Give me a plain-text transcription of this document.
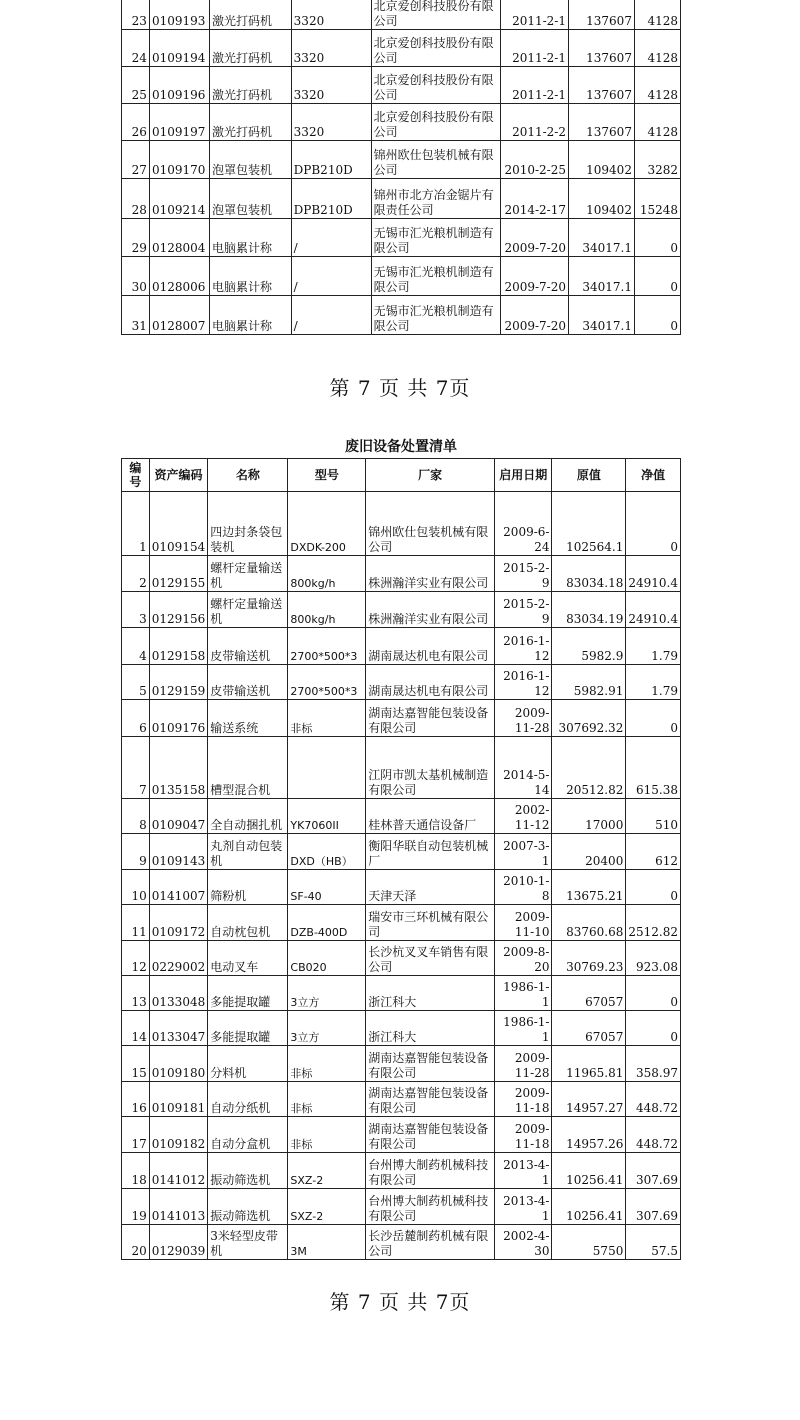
23	0109193	激光打码机	3320	北京爱创科技股份有限公司	2011-2-1	137607	4128
24	0109194	激光打码机	3320	北京爱创科技股份有限公司	2011-2-1	137607	4128
25	0109196	激光打码机	3320	北京爱创科技股份有限公司	2011-2-1	137607	4128
26	0109197	激光打码机	3320	北京爱创科技股份有限公司	2011-2-2	137607	4128
27	0109170	泡罩包装机	DPB210D	锦州欧仕包装机械有限公司	2010-2-25	109402	3282
28	0109214	泡罩包装机	DPB210D	锦州市北方冶金锯片有限责任公司	2014-2-17	109402	15248
29	0128004	电脑累计称	/	无锡市汇光粮机制造有限公司	2009-7-20	34017.1	0
30	0128006	电脑累计称	/	无锡市汇光粮机制造有限公司	2009-7-20	34017.1	0
31	0128007	电脑累计称	/	无锡市汇光粮机制造有限公司	2009-7-20	34017.1	0
第 7 页 共 7页
废旧设备处置清单
编号	资产编码	名称	型号	厂家	启用日期	原值	净值
1	0109154	四边封条袋包装机	DXDK-200	锦州欧仕包装机械有限公司	2009-6-24	102564.1	0
2	0129155	螺杆定量输送机	800kg/h	株洲瀚洋实业有限公司	2015-2-9	83034.18	24910.4
3	0129156	螺杆定量输送机	800kg/h	株洲瀚洋实业有限公司	2015-2-9	83034.19	24910.4
4	0129158	皮带输送机	2700*500*3	湖南晟达机电有限公司	2016-1-12	5982.9	1.79
5	0129159	皮带输送机	2700*500*3	湖南晟达机电有限公司	2016-1-12	5982.91	1.79
6	0109176	输送系统	非标	湖南达嘉智能包装设备有限公司	2009-11-28	307692.32	0
7	0135158	槽型混合机		江阴市凯太基机械制造有限公司	2014-5-14	20512.82	615.38
8	0109047	全自动捆扎机	YK7060II	桂林普天通信设备厂	2002-11-12	17000	510
9	0109143	丸剂自动包装机	DXD（HB）	衡阳华联自动包装机械厂	2007-3-1	20400	612
10	0141007	筛粉机	SF-40	天津天泽	2010-1-8	13675.21	0
11	0109172	自动枕包机	DZB-400D	瑞安市三环机械有限公司	2009-11-10	83760.68	2512.82
12	0229002	电动叉车	CB020	长沙杭叉叉车销售有限公司	2009-8-20	30769.23	923.08
13	0133048	多能提取罐	3立方	浙江科大	1986-1-1	67057	0
14	0133047	多能提取罐	3立方	浙江科大	1986-1-1	67057	0
15	0109180	分料机	非标	湖南达嘉智能包装设备有限公司	2009-11-28	11965.81	358.97
16	0109181	自动分纸机	非标	湖南达嘉智能包装设备有限公司	2009-11-18	14957.27	448.72
17	0109182	自动分盒机	非标	湖南达嘉智能包装设备有限公司	2009-11-18	14957.26	448.72
18	0141012	振动筛选机	SXZ-2	台州博大制药机械科技有限公司	2013-4-1	10256.41	307.69
19	0141013	振动筛选机	SXZ-2	台州博大制药机械科技有限公司	2013-4-1	10256.41	307.69
20	0129039	3米轻型皮带机	3M	长沙岳麓制药机械有限公司	2002-4-30	5750	57.5
第 7 页 共 7页
